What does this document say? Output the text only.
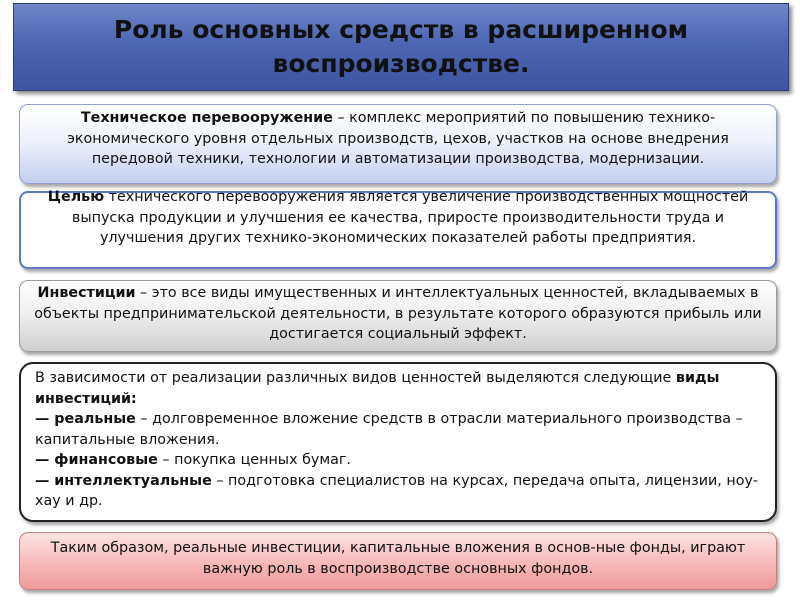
Роль основных средств в расширенном воспроизводстве.
Техническое перевооружение – комплекс мероприятий по повышению технико-экономического уровня отдельных производств, цехов, участков на основе внедрения передовой техники, технологии и автоматизации производства, модернизации.
Целью технического перевооружения является увеличение производственных мощностей выпуска продукции и улучшения ее качества, приросте производительности труда и улучшения других технико-экономических показателей работы предприятия.
Инвестиции – это все виды имущественных и интеллектуальных ценностей, вкладываемых в объекты предпринимательской деятельности, в результате которого образуются прибыль или достигается социальный эффект.
В зависимости от реализации различных видов ценностей выделяются следующие виды инвестиций:
— реальные – долговременное вложение средств в отрасли материального производства – капитальные вложения.
— финансовые – покупка ценных бумаг.
— интеллектуальные – подготовка специалистов на курсах, передача опыта, лицензии, ноу-хау и др.
Таким образом, реальные инвестиции, капитальные вложения в основ-ные фонды, играют важную роль в воспроизводстве основных фондов.
